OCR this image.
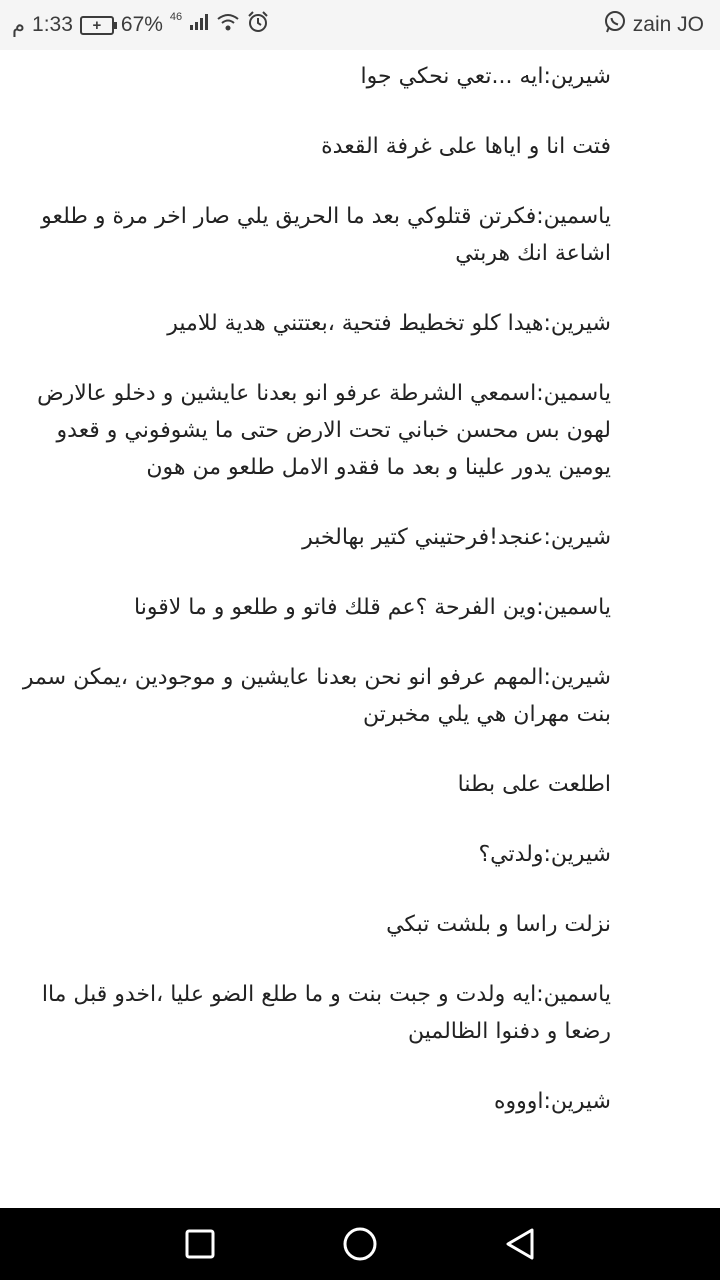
م 1:33 + 67% 46	zain JO

شيرين:ايه ...تعي نحكي جوا

فتت انا و اياها على غرفة القعدة

ياسمين:فكرتن قتلوكي بعد ما الحريق يلي صار اخر مرة و طلعو اشاعة انك هربتي

شيرين:هيدا كلو تخطيط فتحية ،بعتتني هدية للامير

ياسمين:اسمعي الشرطة عرفو انو بعدنا عايشين و دخلو عالارض لهون بس محسن خباني تحت الارض حتى ما يشوفوني و قعدو يومين يدور علينا و بعد ما فقدو الامل طلعو من هون

شيرين:عنجد!فرحتيني كتير بهالخبر

ياسمين:وين الفرحة ؟عم قلك فاتو و طلعو و ما لاقونا

شيرين:المهم عرفو انو نحن بعدنا عايشين و موجودين ،يمكن سمر بنت مهران هي يلي مخبرتن

اطلعت على بطنا

شيرين:ولدتي؟

نزلت راسا و بلشت تبكي

ياسمين:ايه ولدت و جبت بنت و ما طلع الضو عليا ،اخدو قبل ماا رضعا و دفنوا الظالمين

شيرين:اوووه
